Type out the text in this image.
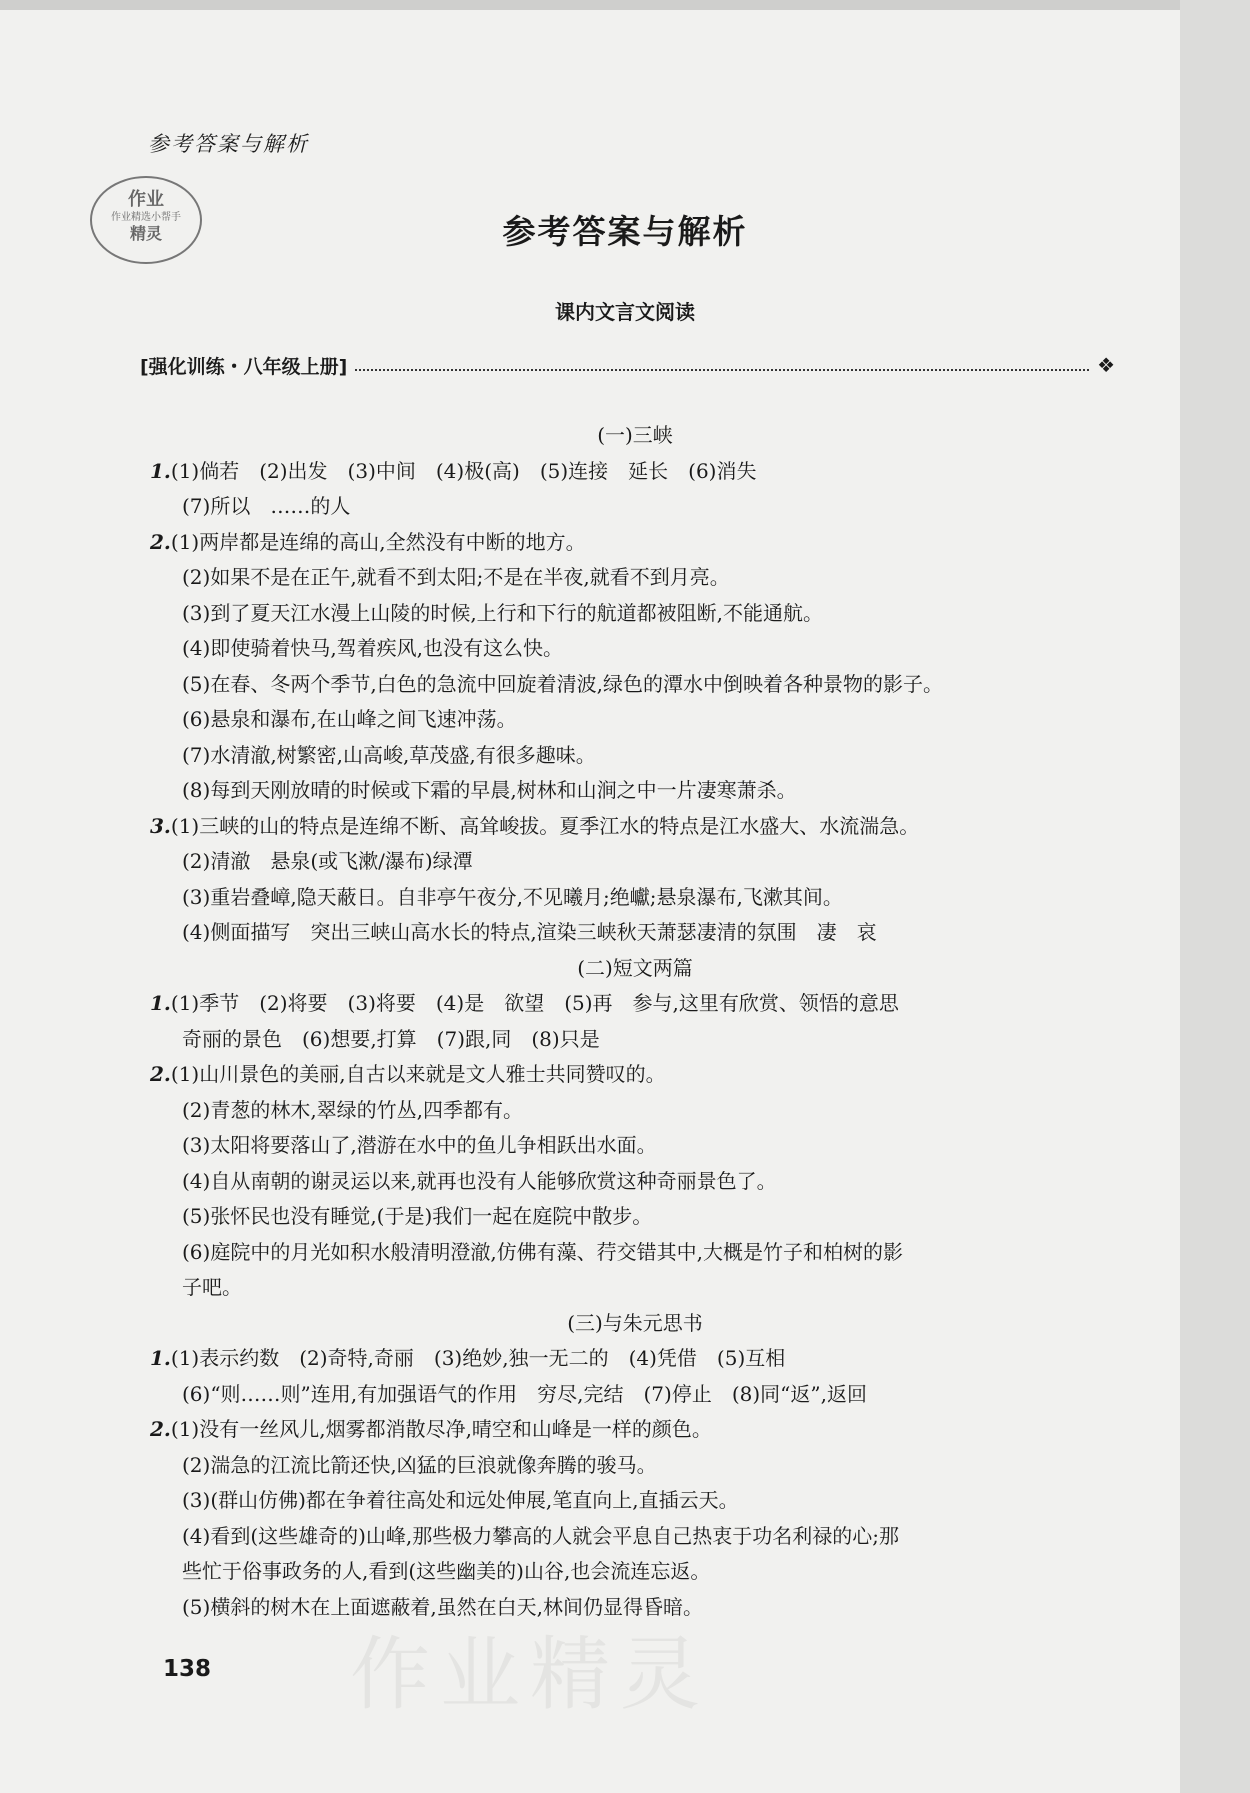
参考答案与解析
作业
作业精选小帮手
精灵	参考答案与解析
课内文言文阅读
[强化训练・八年级上册]	❖

(一)三峡

1.(1)倘若　(2)出发　(3)中间　(4)极(高)　(5)连接　延长　(6)消失

(7)所以　……的人

2.(1)两岸都是连绵的高山,全然没有中断的地方。

(2)如果不是在正午,就看不到太阳;不是在半夜,就看不到月亮。

(3)到了夏天江水漫上山陵的时候,上行和下行的航道都被阻断,不能通航。

(4)即使骑着快马,驾着疾风,也没有这么快。

(5)在春、冬两个季节,白色的急流中回旋着清波,绿色的潭水中倒映着各种景物的影子。

(6)悬泉和瀑布,在山峰之间飞速冲荡。

(7)水清澈,树繁密,山高峻,草茂盛,有很多趣味。

(8)每到天刚放晴的时候或下霜的早晨,树林和山涧之中一片凄寒萧杀。

3.(1)三峡的山的特点是连绵不断、高耸峻拔。夏季江水的特点是江水盛大、水流湍急。

(2)清澈　悬泉(或飞漱/瀑布)绿潭

(3)重岩叠嶂,隐天蔽日。自非亭午夜分,不见曦月;绝巘;悬泉瀑布,飞漱其间。

(4)侧面描写　突出三峡山高水长的特点,渲染三峡秋天萧瑟凄清的氛围　凄　哀

(二)短文两篇

1.(1)季节　(2)将要　(3)将要　(4)是　欲望　(5)再　参与,这里有欣赏、领悟的意思

奇丽的景色　(6)想要,打算　(7)跟,同　(8)只是

2.(1)山川景色的美丽,自古以来就是文人雅士共同赞叹的。

(2)青葱的林木,翠绿的竹丛,四季都有。

(3)太阳将要落山了,潜游在水中的鱼儿争相跃出水面。

(4)自从南朝的谢灵运以来,就再也没有人能够欣赏这种奇丽景色了。

(5)张怀民也没有睡觉,(于是)我们一起在庭院中散步。

(6)庭院中的月光如积水般清明澄澈,仿佛有藻、荇交错其中,大概是竹子和柏树的影

子吧。

(三)与朱元思书

1.(1)表示约数　(2)奇特,奇丽　(3)绝妙,独一无二的　(4)凭借　(5)互相

(6)“则……则”连用,有加强语气的作用　穷尽,完结　(7)停止　(8)同“返”,返回

2.(1)没有一丝风儿,烟雾都消散尽净,晴空和山峰是一样的颜色。

(2)湍急的江流比箭还快,凶猛的巨浪就像奔腾的骏马。

(3)(群山仿佛)都在争着往高处和远处伸展,笔直向上,直插云天。

(4)看到(这些雄奇的)山峰,那些极力攀高的人就会平息自己热衷于功名利禄的心;那

些忙于俗事政务的人,看到(这些幽美的)山谷,也会流连忘返。

(5)横斜的树木在上面遮蔽着,虽然在白天,林间仍显得昏暗。

作业精灵
138
